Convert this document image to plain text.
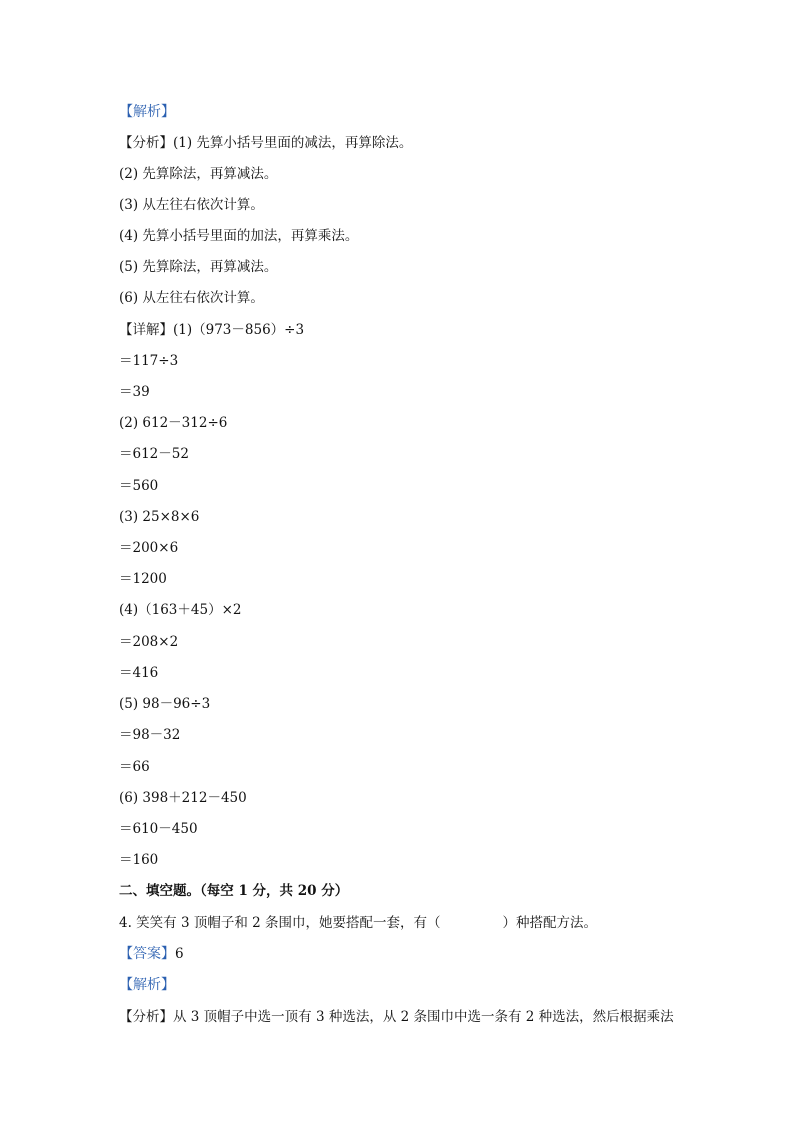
【解析】
【分析】(1) 先算小括号里面的减法，再算除法。
(2) 先算除法，再算减法。
(3) 从左往右依次计算。
(4) 先算小括号里面的加法，再算乘法。
(5) 先算除法，再算减法。
(6) 从左往右依次计算。
【详解】(1)（973－856）÷3
＝117÷3
＝39
(2) 612－312÷6
＝612－52
＝560
(3) 25×8×6
＝200×6
＝1200
(4)（163＋45）×2
＝208×2
＝416
(5) 98－96÷3
＝98－32
＝66
(6) 398＋212－450
＝610－450
＝160
二、填空题。（每空 1 分，共 20 分）
4. 笑笑有 3 顶帽子和 2 条围巾，她要搭配一套，有（	）种搭配方法。
【答案】6
【解析】
【分析】从 3 顶帽子中选一顶有 3 种选法，从 2 条围巾中选一条有 2 种选法，然后根据乘法
